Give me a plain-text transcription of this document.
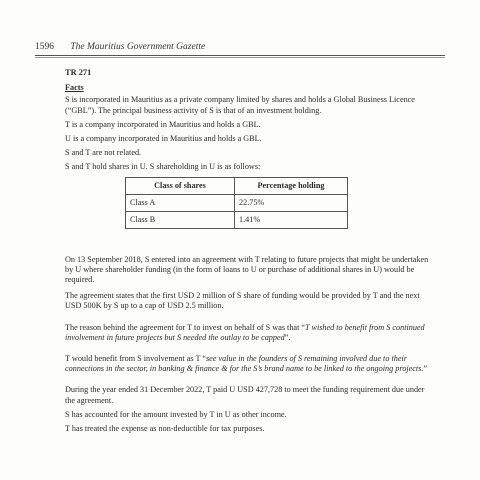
1596 The Mauritius Government Gazette

TR 271

Facts

S is incorporated in Mauritius as a private company limited by shares and holds a Global Business Licence (“GBL”). The principal business activity of S is that of an investment holding.

T is a company incorporated in Mauritius and holds a GBL.

U is a company incorporated in Mauritius and holds a GBL.

S and T are not related.

S and T hold shares in U. S shareholding in U is as follows:

Class of shares	Percentage holding
Class A	22.75%
Class B	1.41%

On 13 September 2018, S entered into an agreement with T relating to future projects that might be undertaken by U where shareholder funding (in the form of loans to U or purchase of additional shares in U) would be required.

The agreement states that the first USD 2 million of S share of funding would be provided by T and the next USD 500K by S up to a cap of USD 2.5 million.

The reason behind the agreement for T to invest on behalf of S was that “T wished to benefit from S continued involvement in future projects but S needed the outlay to be capped”.

T would benefit from S involvement as T “see value in the founders of S remaining involved due to their connections in the sector, in banking & finance & for the S’s brand name to be linked to the ongoing projects.”

During the year ended 31 December 2022, T paid U USD 427,728 to meet the funding requirement due under the agreement.

S has accounted for the amount invested by T in U as other income.

T has treated the expense as non-deductible for tax purposes.
